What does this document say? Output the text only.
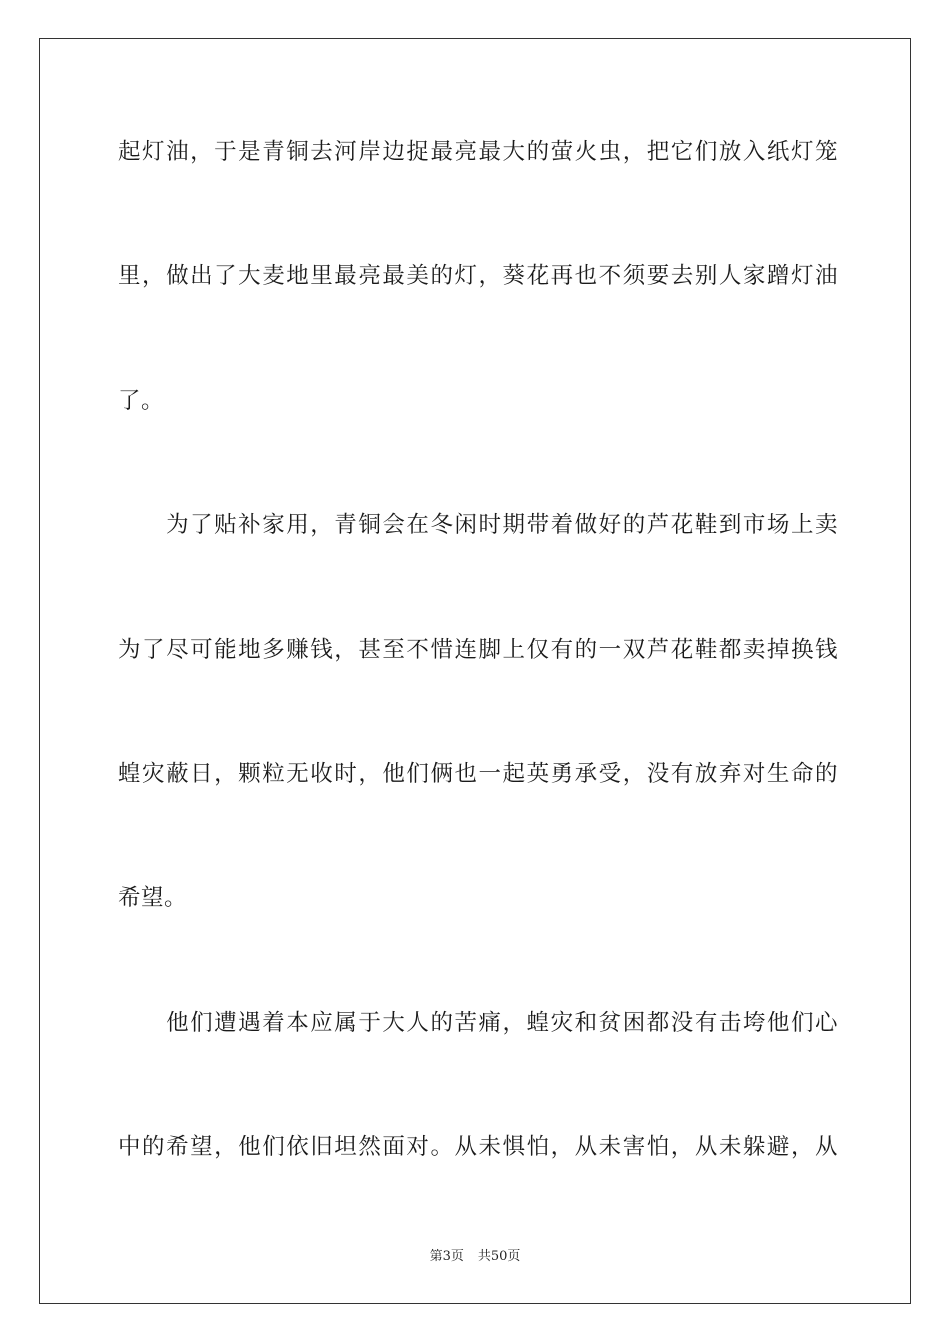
起灯油，于是青铜去河岸边捉最亮最大的萤火虫，把它们放入纸灯笼
里，做出了大麦地里最亮最美的灯，葵花再也不须要去别人家蹭灯油
了。
　　为了贴补家用，青铜会在冬闲时期带着做好的芦花鞋到市场上卖
为了尽可能地多赚钱，甚至不惜连脚上仅有的一双芦花鞋都卖掉换钱
蝗灾蔽日，颗粒无收时，他们俩也一起英勇承受，没有放弃对生命的
希望。
　　他们遭遇着本应属于大人的苦痛，蝗灾和贫困都没有击垮他们心
中的希望，他们依旧坦然面对。从未惧怕，从未害怕，从未躲避，从
第3页 共50页
